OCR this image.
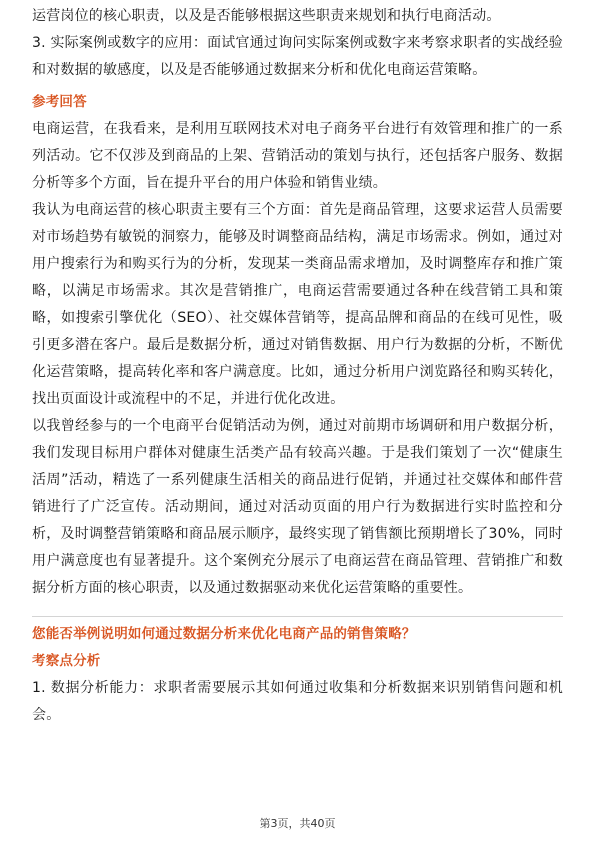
运营岗位的核心职责，以及是否能够根据这些职责来规划和执行电商活动。

3. 实际案例或数字的应用：面试官通过询问实际案例或数字来考察求职者的实战经验和对数据的敏感度，以及是否能够通过数据来分析和优化电商运营策略。

参考回答

电商运营，在我看来，是利用互联网技术对电子商务平台进行有效管理和推广的一系列活动。它不仅涉及到商品的上架、营销活动的策划与执行，还包括客户服务、数据分析等多个方面，旨在提升平台的用户体验和销售业绩。

我认为电商运营的核心职责主要有三个方面：首先是商品管理，这要求运营人员需要对市场趋势有敏锐的洞察力，能够及时调整商品结构，满足市场需求。例如，通过对用户搜索行为和购买行为的分析，发现某一类商品需求增加，及时调整库存和推广策略，以满足市场需求。其次是营销推广，电商运营需要通过各种在线营销工具和策略，如搜索引擎优化（SEO）、社交媒体营销等，提高品牌和商品的在线可见性，吸引更多潜在客户。最后是数据分析，通过对销售数据、用户行为数据的分析，不断优化运营策略，提高转化率和客户满意度。比如，通过分析用户浏览路径和购买转化，找出页面设计或流程中的不足，并进行优化改进。

以我曾经参与的一个电商平台促销活动为例，通过对前期市场调研和用户数据分析，我们发现目标用户群体对健康生活类产品有较高兴趣。于是我们策划了一次“健康生活周”活动，精选了一系列健康生活相关的商品进行促销，并通过社交媒体和邮件营销进行了广泛宣传。活动期间，通过对活动页面的用户行为数据进行实时监控和分析，及时调整营销策略和商品展示顺序，最终实现了销售额比预期增长了30%，同时用户满意度也有显著提升。这个案例充分展示了电商运营在商品管理、营销推广和数据分析方面的核心职责，以及通过数据驱动来优化运营策略的重要性。

您能否举例说明如何通过数据分析来优化电商产品的销售策略？

考察点分析

1. 数据分析能力：求职者需要展示其如何通过收集和分析数据来识别销售问题和机会。

第3页，共40页
